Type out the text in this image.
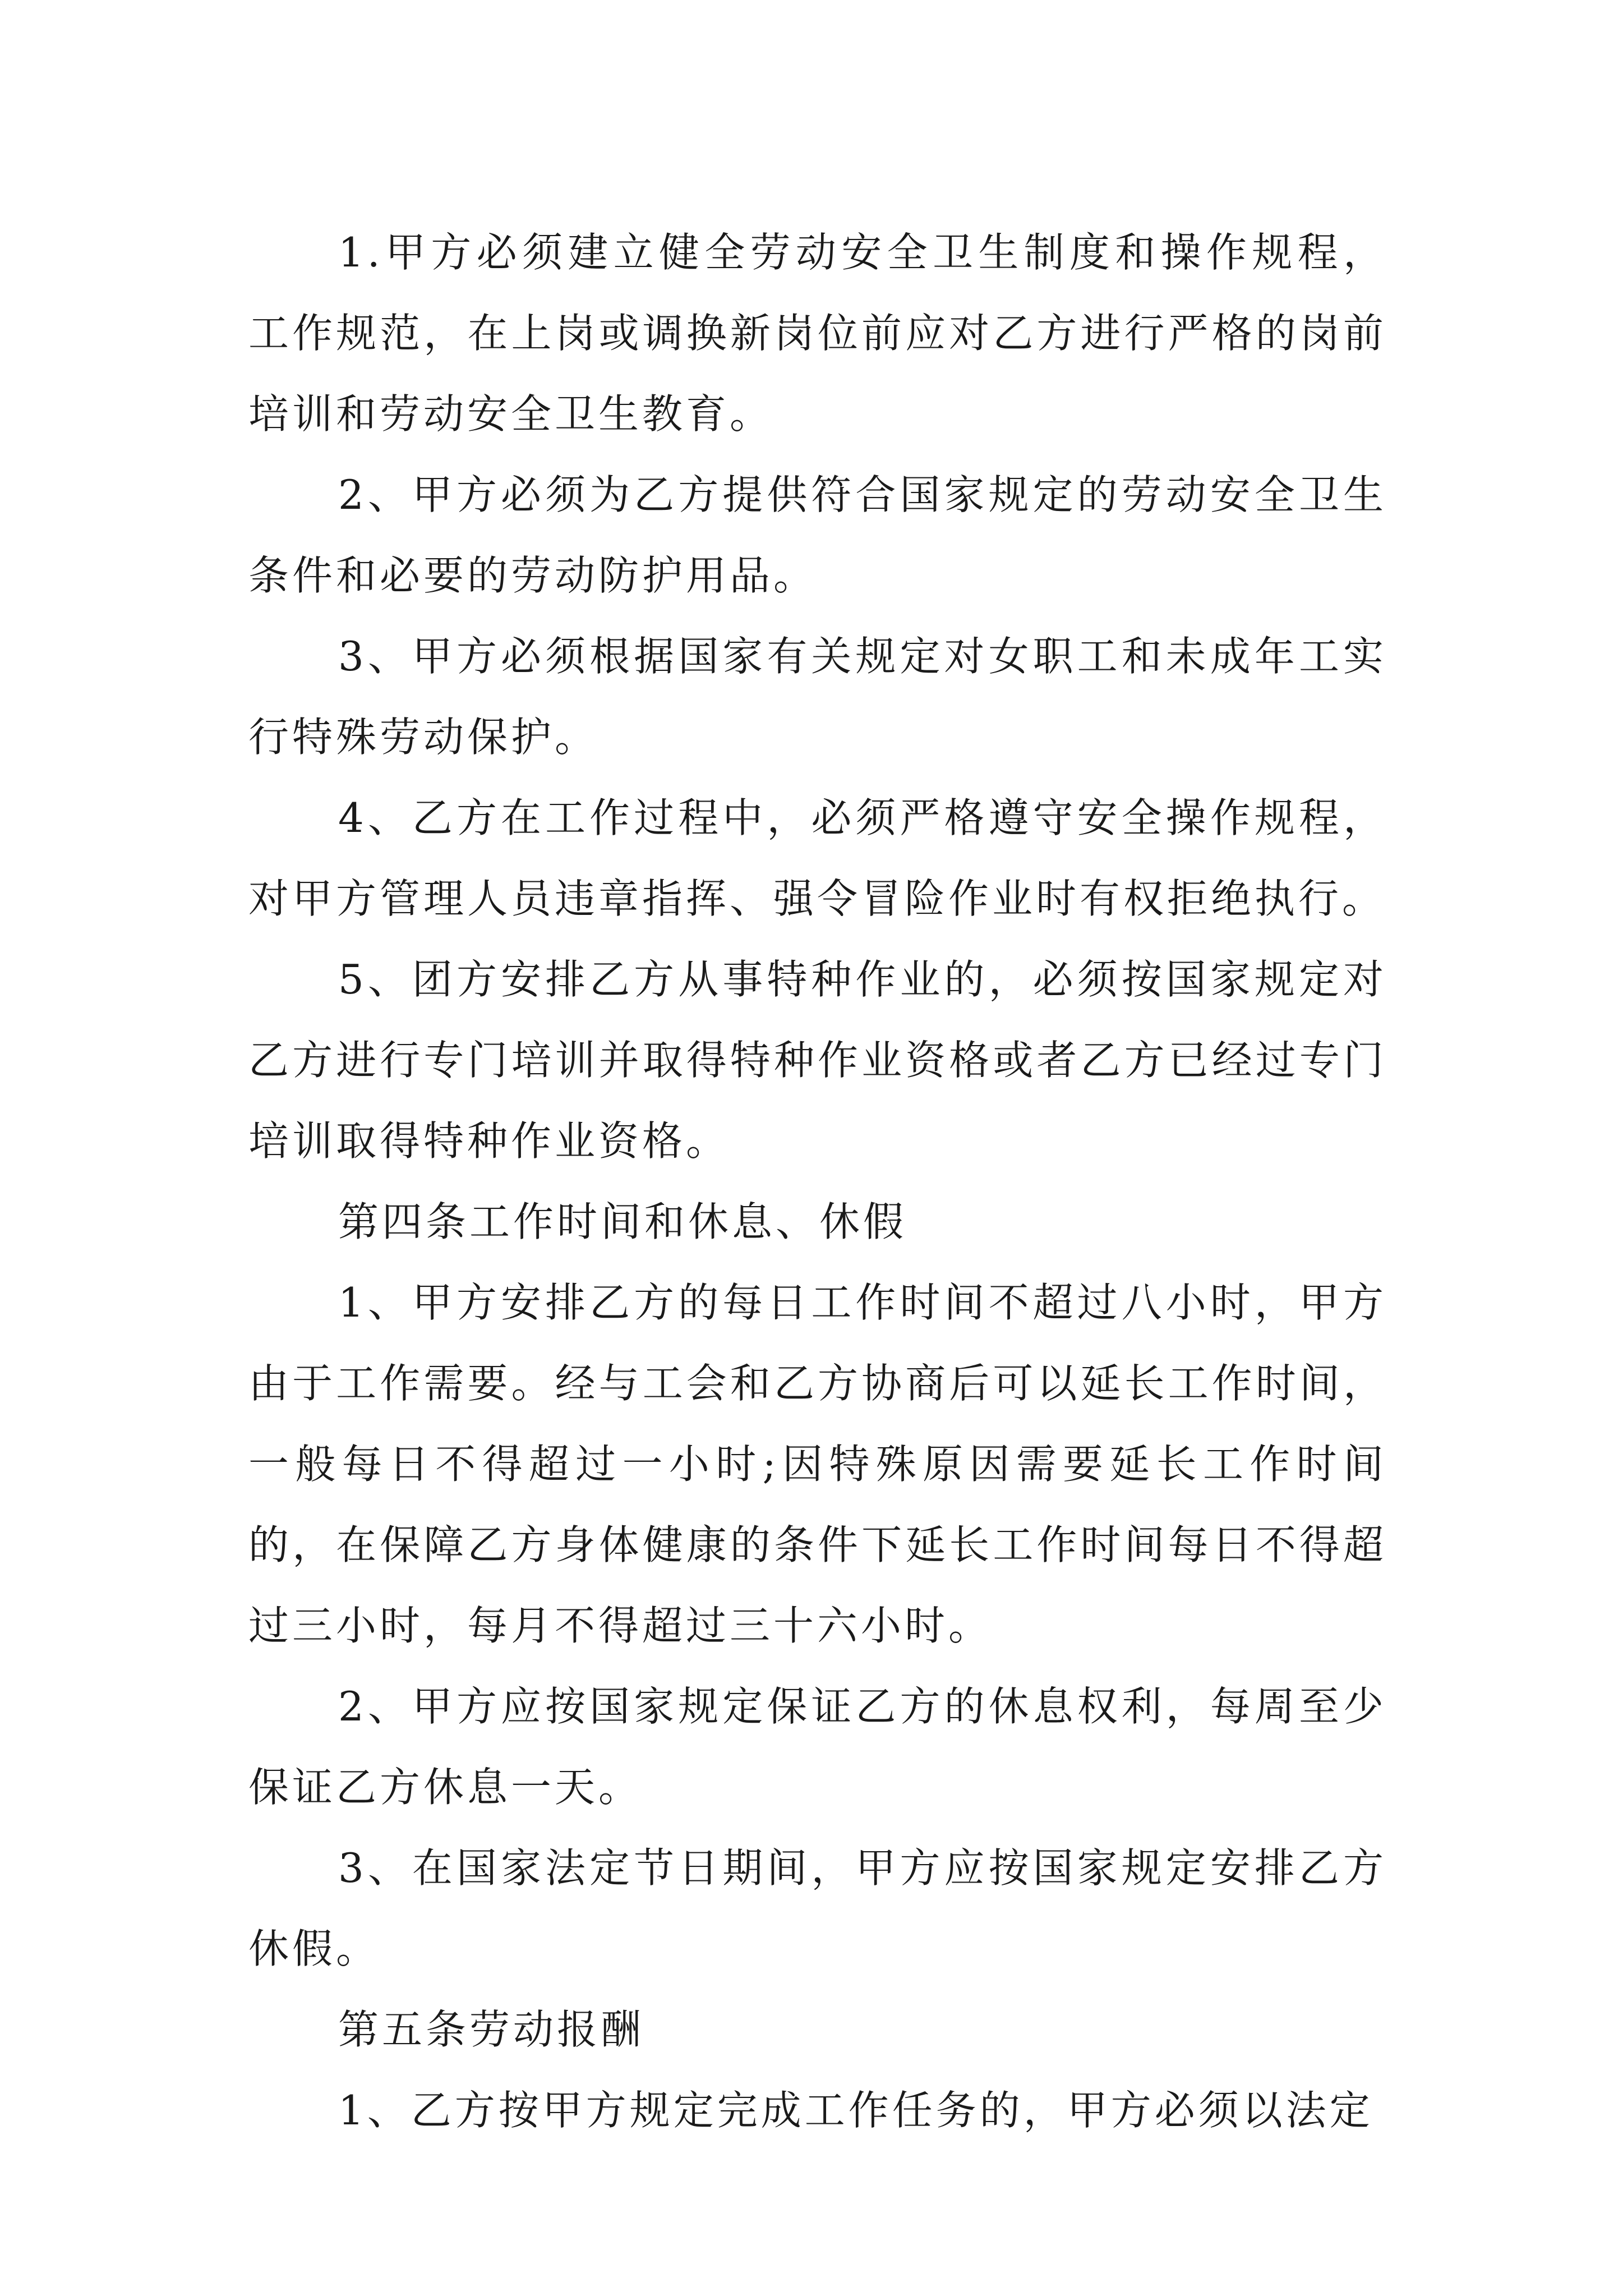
1.甲方必须建立健全劳动安全卫生制度和操作规程，工作规范，在上岗或调换新岗位前应对乙方进行严格的岗前培训和劳动安全卫生教育。

2、甲方必须为乙方提供符合国家规定的劳动安全卫生条件和必要的劳动防护用品。

3、甲方必须根据国家有关规定对女职工和未成年工实行特殊劳动保护。

4、乙方在工作过程中，必须严格遵守安全操作规程，对甲方管理人员违章指挥、强令冒险作业时有权拒绝执行。

5、团方安排乙方从事特种作业的，必须按国家规定对乙方进行专门培训并取得特种作业资格或者乙方已经过专门培训取得特种作业资格。

第四条工作时间和休息、休假

1、甲方安排乙方的每日工作时间不超过八小时，甲方由于工作需要。经与工会和乙方协商后可以延长工作时间，一般每日不得超过一小时;因特殊原因需要延长工作时间的，在保障乙方身体健康的条件下延长工作时间每日不得超过三小时，每月不得超过三十六小时。

2、甲方应按国家规定保证乙方的休息权利，每周至少保证乙方休息一天。

3、在国家法定节日期间，甲方应按国家规定安排乙方休假。

第五条劳动报酬

1、乙方按甲方规定完成工作任务的，甲方必须以法定
